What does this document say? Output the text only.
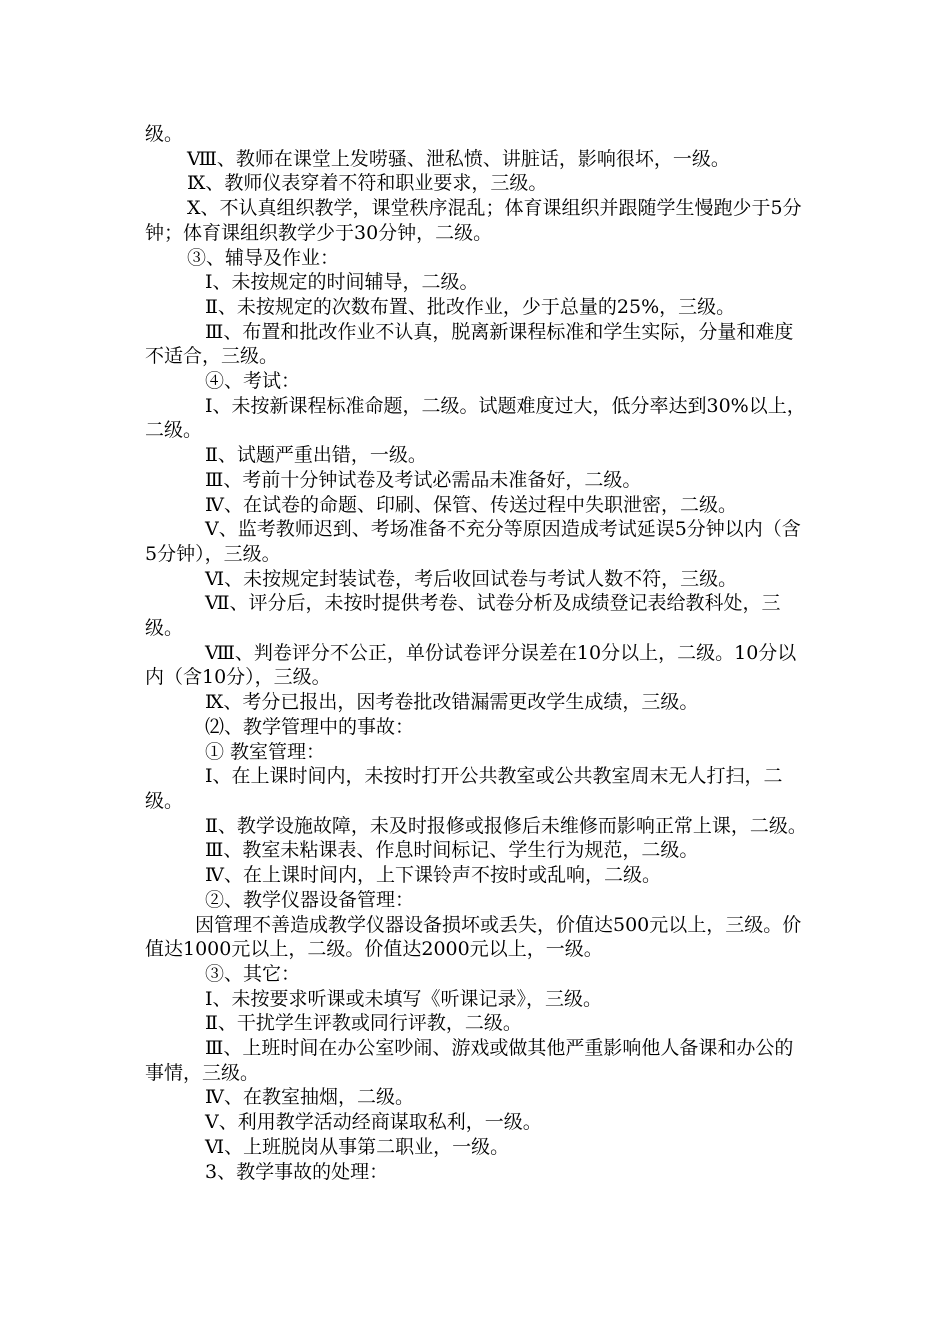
级。

Ⅷ、教师在课堂上发唠骚、泄私愤、讲脏话，影响很坏，一级。

Ⅸ、教师仪表穿着不符和职业要求，三级。

Ⅹ、不认真组织教学，课堂秩序混乱；体育课组织并跟随学生慢跑少于5分钟；体育课组织教学少于30分钟，二级。

③、辅导及作业：

Ⅰ、未按规定的时间辅导，二级。

Ⅱ、未按规定的次数布置、批改作业，少于总量的25%，三级。

Ⅲ、布置和批改作业不认真，脱离新课程标准和学生实际，分量和难度不适合，三级。

④、考试：

Ⅰ、未按新课程标准命题，二级。试题难度过大，低分率达到30%以上，二级。

Ⅱ、试题严重出错，一级。

Ⅲ、考前十分钟试卷及考试必需品未准备好，二级。

Ⅳ、在试卷的命题、印刷、保管、传送过程中失职泄密，二级。

Ⅴ、监考教师迟到、考场准备不充分等原因造成考试延误5分钟以内（含5分钟），三级。

Ⅵ、未按规定封装试卷，考后收回试卷与考试人数不符，三级。

Ⅶ、评分后，未按时提供考卷、试卷分析及成绩登记表给教科处，三级。

Ⅷ、判卷评分不公正，单份试卷评分误差在10分以上，二级。10分以内（含10分），三级。

Ⅸ、考分已报出，因考卷批改错漏需更改学生成绩，三级。

⑵、教学管理中的事故：

① 教室管理：

Ⅰ、在上课时间内，未按时打开公共教室或公共教室周末无人打扫，二级。

Ⅱ、教学设施故障，未及时报修或报修后未维修而影响正常上课，二级。

Ⅲ、教室未粘课表、作息时间标记、学生行为规范，二级。

Ⅳ、在上课时间内，上下课铃声不按时或乱响，二级。

②、教学仪器设备管理：

因管理不善造成教学仪器设备损坏或丢失，价值达500元以上，三级。价值达1000元以上，二级。价值达2000元以上，一级。

③、其它：

Ⅰ、未按要求听课或未填写《听课记录》，三级。

Ⅱ、干扰学生评教或同行评教，二级。

Ⅲ、上班时间在办公室吵闹、游戏或做其他严重影响他人备课和办公的事情，三级。

Ⅳ、在教室抽烟，二级。

Ⅴ、利用教学活动经商谋取私利，一级。

Ⅵ、上班脱岗从事第二职业，一级。

3、教学事故的处理：
